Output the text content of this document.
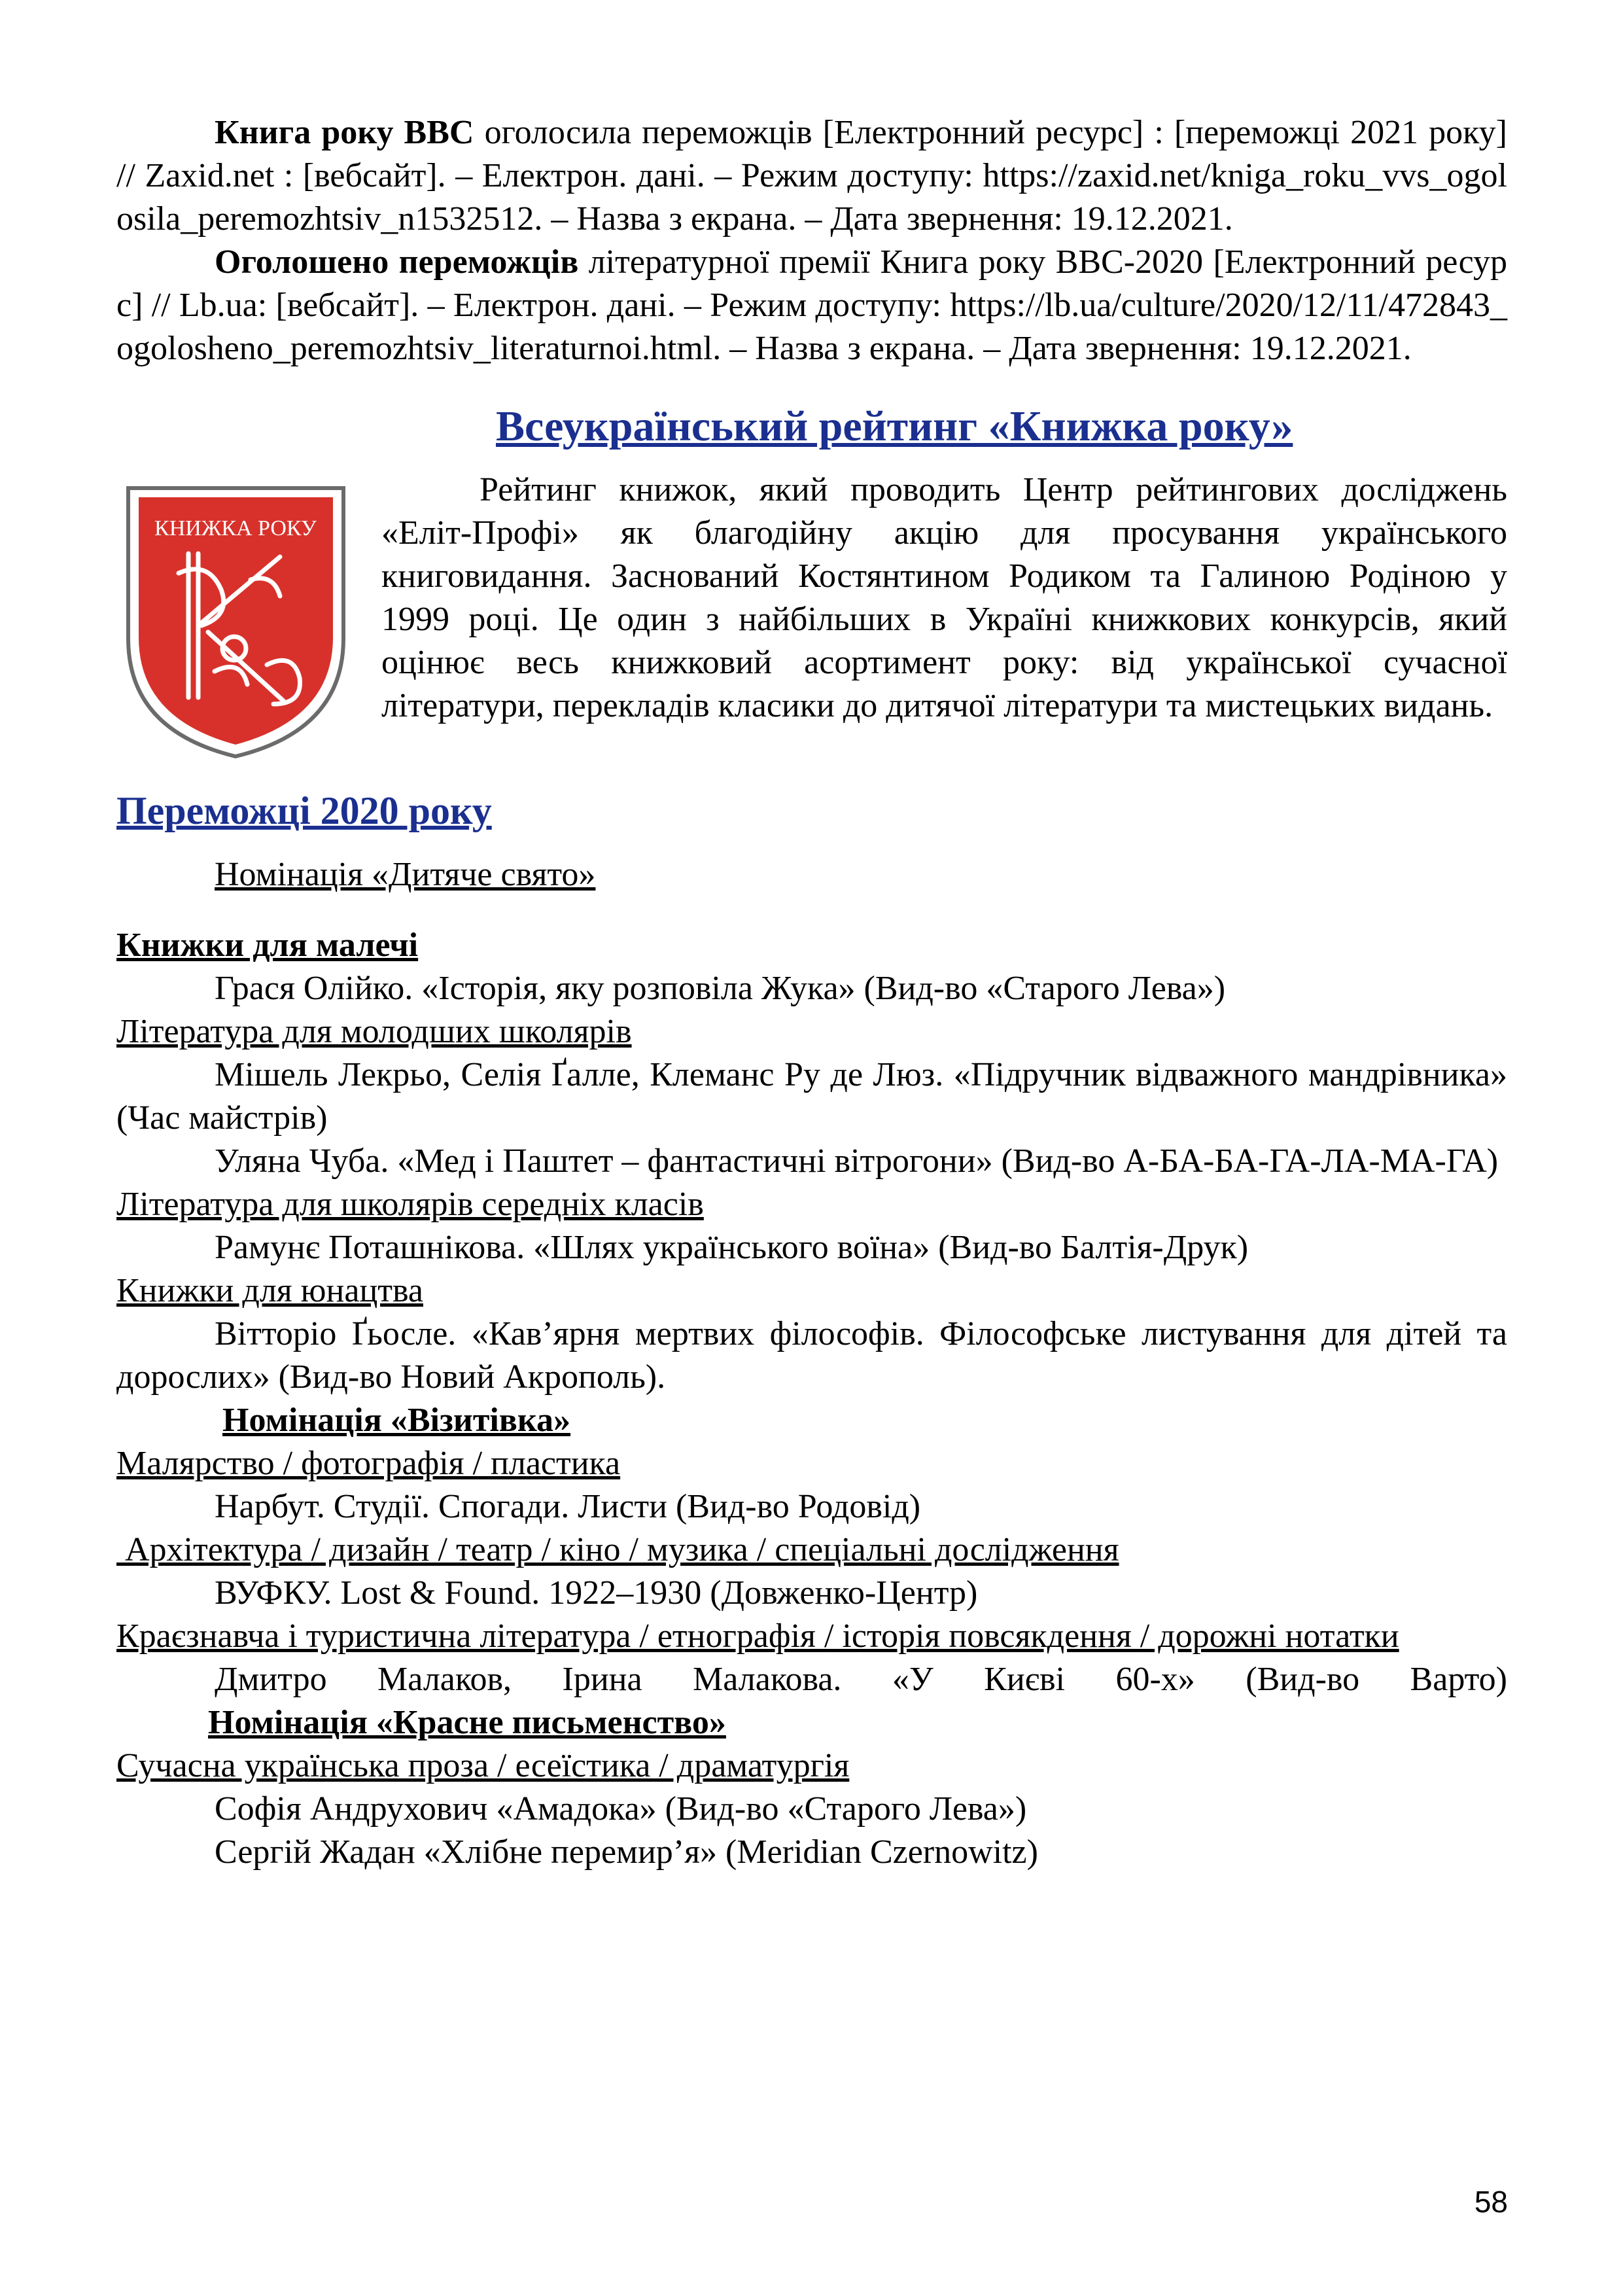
Книга року ВВС оголосила переможців [Електронний ресурс] : [переможці 2021 року] // Zaxid.net : [вебсайт]. – Електрон. дані. – Режим доступу: https://zaxid.net/kniga_roku_vvs_ogolosila_peremozhtsiv_n1532512. – Назва з екрана. – Дата звернення: 19.12.2021.

Оголошено переможців літературної премії Книга року ВВС-2020 [Електронний ресурс] // Lb.ua: [вебсайт]. – Електрон. дані. – Режим доступу: https://lb.ua/culture/2020/12/11/472843_ogolosheno_peremozhtsiv_literaturnoi.html. – Назва з екрана. – Дата звернення: 19.12.2021.

Всеукраїнський рейтинг «Книжка року»
КНИЖКА РОКУ

Рейтинг книжок, який проводить Центр рейтингових досліджень «Еліт-Профі» як благодійну акцію для просування українського книговидання. Заснований Костянтином Родиком та Галиною Родіною у 1999 році. Це один з найбільших в Україні книжкових конкурсів, який оцінює весь книжковий асортимент року: від української сучасної літератури, перекладів класики до дитячої літератури та мистецьких видань.

Переможці 2020 року

Номінація «Дитяче свято»

Книжки для малечі

Грася Олійко. «Історія, яку розповіла Жука» (Вид-во «Старого Лева»)

Література для молодших школярів

Мішель Лекрьо, Селія Ґалле, Клеманс Ру де Люз. «Підручник відважного мандрівника» (Час майстрів)

Уляна Чуба. «Мед і Паштет – фантастичні вітрогони» (Вид-во А-БА-БА-ГА-ЛА-МА-ГА)

Література для школярів середніх класів

Рамунє Поташнікова. «Шлях українського воїна» (Вид-во Балтія-Друк)

Книжки для юнацтва

Вітторіо Ґьосле. «Кав’ярня мертвих філософів. Філософське листування для дітей та дорослих» (Вид-во Новий Акрополь).

Номінація «Візитівка»

Малярство / фотографія / пластика

Нарбут. Студії. Спогади. Листи (Вид-во Родовід)

Архітектура / дизайн / театр / кіно / музика / спеціальні дослідження

ВУФКУ. Lost & Found. 1922–1930 (Довженко-Центр)

Краєзнавча і туристична література / етнографія / історія повсякдення / дорожні нотатки

Дмитро Малаков, Ірина Малакова. «У Києві 60-х» (Вид-во Варто)

Номінація «Красне письменство»

Сучасна українська проза / есеїстика / драматургія

Софія Андрухович «Амадока» (Вид-во «Старого Лева»)

Сергій Жадан «Хлібне перемир’я» (Meridian Czernowitz)

58
